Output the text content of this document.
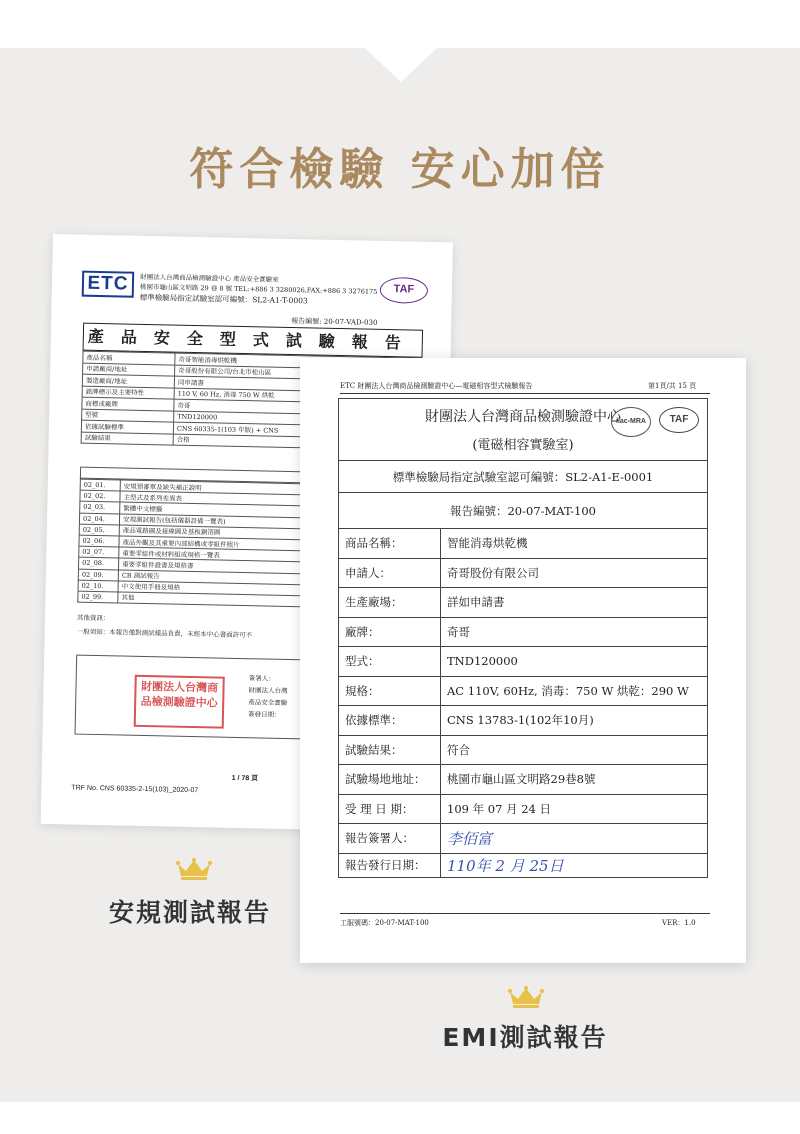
符合檢驗 安心加倍
ETC	財團法人台灣商品檢測驗證中心 產品安全實驗室
桃園市龜山區文明路 29 巷 8 號 TEL:+886 3 3280026,FAX:+886 3 3276175
標準檢驗局指定試驗室認可編號：SL2-A1-T-0003
TAF
報告編號: 20-07-VAD-030
產品安全型式試驗報告
產品名稱	奇哥智能消毒烘乾機
申請廠商/地址	奇哥股份有限公司/台北市松山區
製造廠商/地址	同申請書
銘牌標示及主要特性	110 V, 60 Hz, 消毒 750 W 烘乾
商標或廠牌	奇哥
型號	TND120000
依據試驗標準	CNS 60335-1(103 年版) + CNS
試驗結果	合格
02_01.	安規預審單及缺失補正說明
02_02.	主型式及系列差異表
02_03.	繁體中文標籤
02_04.	安規測試報告(包括儀器設備一覽表)
02_05.	產品電路圖及接線圖及基板銅箔圖
02_06.	產品外觀及其重要內部結構或零組件照片
02_07.	重要零組件或材料組成規格一覽表
02_08.	重要零組件證書及規格書
02_09.	CB 測試報告
02_10.	中文使用手冊及規格
02_99.	其他
其他資訊：
一般須知：本報告僅對測試樣品負責，未經本中心書面許可不
財團法人台灣商品檢測驗證中心
簽署人：
財團法人台灣
產品安全實驗
簽發日期：
1 / 78 頁
TRF No. CNS 60335-2-15(103)_2020-07
安規測試報告
ETC 財團法人台灣商品檢測驗證中心—電磁相容型式檢驗報告	第1頁/共 15 頁
財團法人台灣商品檢測驗證中心
(電磁相容實驗室)
ilac-MRA TAF	

標準檢驗局指定試驗室認可編號：SL2-A1-E-0001	
報告編號：20-07-MAT-100	
商品名稱：	智能消毒烘乾機
申請人：	奇哥股份有限公司
生產廠場：	詳如申請書
廠牌：	奇哥
型式：	TND120000
規格：	AC 110V, 60Hz, 消毒：750 W 烘乾：290 W
依據標準：	CNS 13783-1(102年10月)
試驗結果：	符合
試驗場地地址：	桃園市龜山區文明路29巷8號
受 理 日 期：	109 年 07 月 24 日
報告簽署人：	李佰富
報告發行日期：	110年 2 月 25日
工服號碼：20-07-MAT-100	VER：1.0
EMI測試報告
